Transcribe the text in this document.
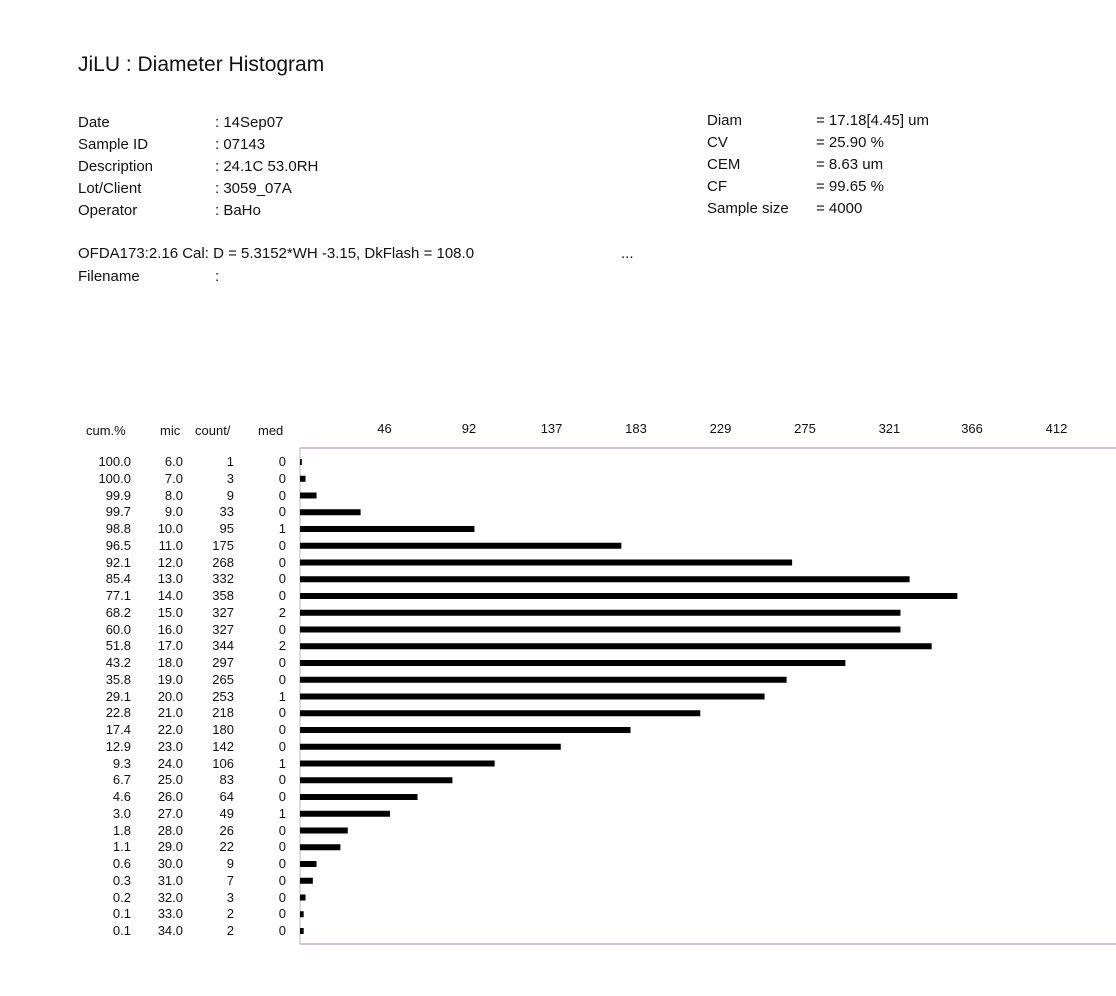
JiLU : Diameter Histogram
Date	: 14Sep07
Sample ID	: 07143
Description	: 24.1C 53.0RH
Lot/Client	: 3059_07A
Operator	: BaHo
Diam	= 17.18[4.45] um
CV	= 25.90 %
CEM	= 8.63 um
CF	= 99.65 %
Sample size = 4000
OFDA173:2.16 Cal: D = 5.3152*WH -3.15, DkFlash = 108.0	...
Filename	:
cum.%	mic count/ med
100.0	6.0	1	0
100.0	7.0	3	0
99.9	8.0	9	0
99.7	9.0	33	0
98.8 10.0	95	1
96.5 11.0 175	0
92.1 12.0 268	0
85.4 13.0 332	0
77.1 14.0 358	0
68.2 15.0 327	2
60.0 16.0 327	0
51.8 17.0 344	2
43.2 18.0 297	0
35.8 19.0 265	0
29.1 20.0 253	1
22.8 21.0 218	0
17.4 22.0 180	0
12.9 23.0 142	0
9.3 24.0 106	1
6.7 25.0	83	0
4.6 26.0	64	0
3.0 27.0	49	1
1.8 28.0	26	0
1.1 29.0	22	0
0.6 30.0	9	0
0.3 31.0	7	0
0.2 32.0	3	0
0.1 33.0	2	0
0.1 34.0	2	0
46	92	137	183	229	275	321	366	412
